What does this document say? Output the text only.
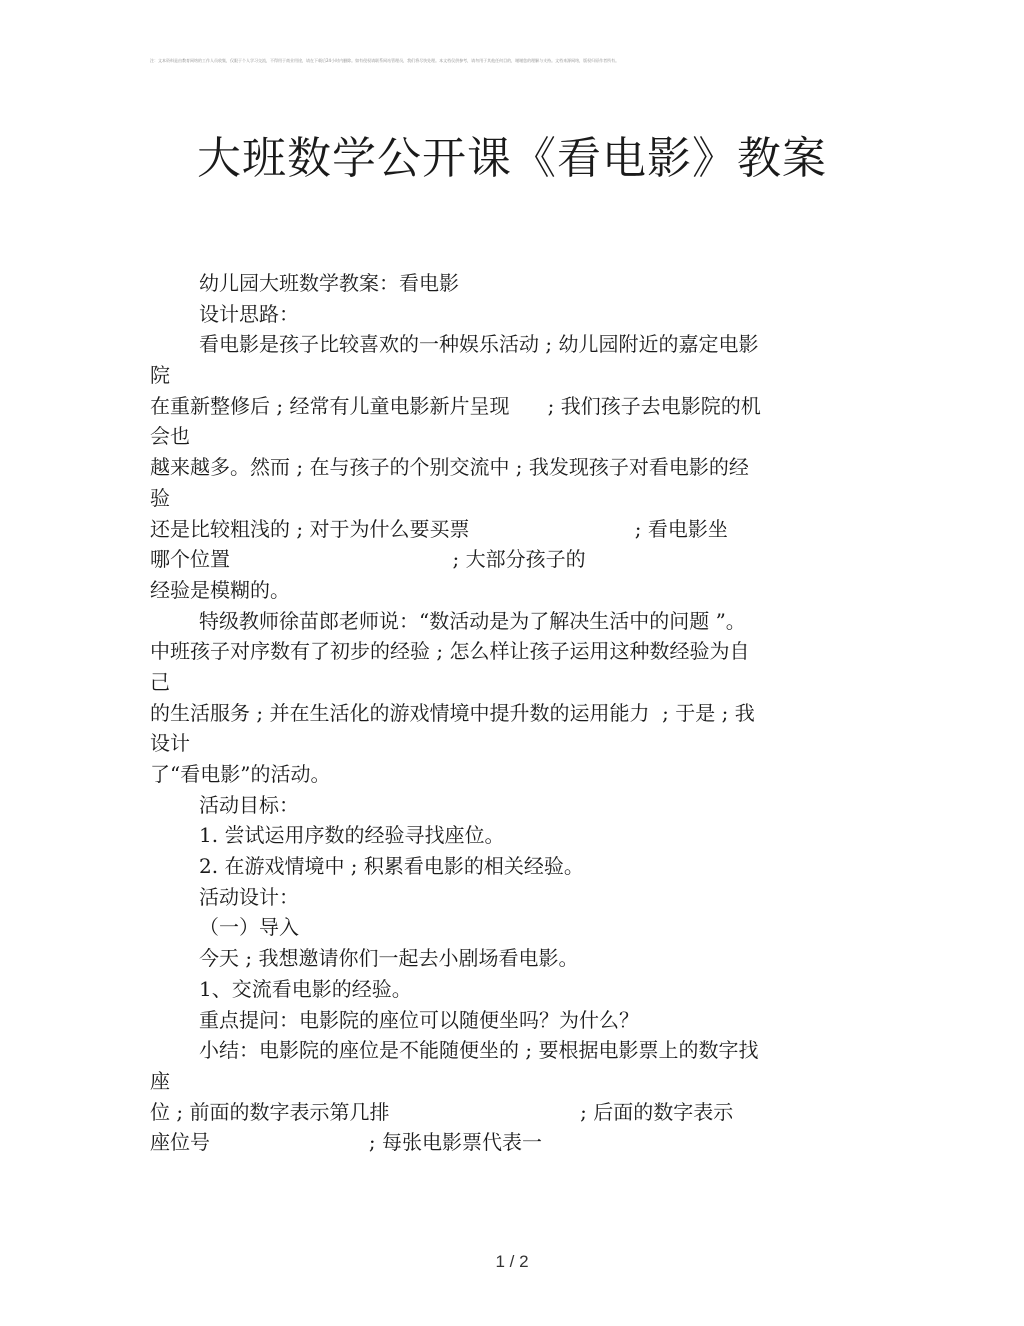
注：文本资料是由教育网络的工作人员收集，仅限于个人学习交流，不得用于商业用途，请在下载后24小时内删除。如有侵权请联系网站管理员，我们将尽快处理。本文档仅供参考，请勿用于其他任何目的，谢谢您的理解与支持。文档来源网络，版权归原作者所有。
大班数学公开课《看电影》教案
幼儿园大班数学教案：看电影
设计思路：
看电影是孩子比较喜欢的一种娱乐活动 ; 幼儿园附近的嘉定电影
院
在重新整修后 ; 经常有儿童电影新片呈现      ; 我们孩子去电影院的机
会也
越来越多。然而 ; 在与孩子的个别交流中 ; 我发现孩子对看电影的经
验
还是比较粗浅的 ; 对于为什么要买票                          ; 看电影坐
哪个位置                                   ; 大部分孩子的
经验是模糊的。
特级教师徐苗郎老师说：“数活动是为了解决生活中的问题 ”。
中班孩子对序数有了初步的经验 ; 怎么样让孩子运用这种数经验为自
己
的生活服务 ; 并在生活化的游戏情境中提升数的运用能力  ; 于是 ; 我
设计
了“看电影”的活动。
活动目标：
1. 尝试运用序数的经验寻找座位。
2. 在游戏情境中 ; 积累看电影的相关经验。
活动设计：
（一）导入
今天 ; 我想邀请你们一起去小剧场看电影。
1、交流看电影的经验。
重点提问：电影院的座位可以随便坐吗？为什么？
小结：电影院的座位是不能随便坐的 ; 要根据电影票上的数字找
座
位 ; 前面的数字表示第几排                              ; 后面的数字表示
座位号                         ; 每张电影票代表一
1 / 2
